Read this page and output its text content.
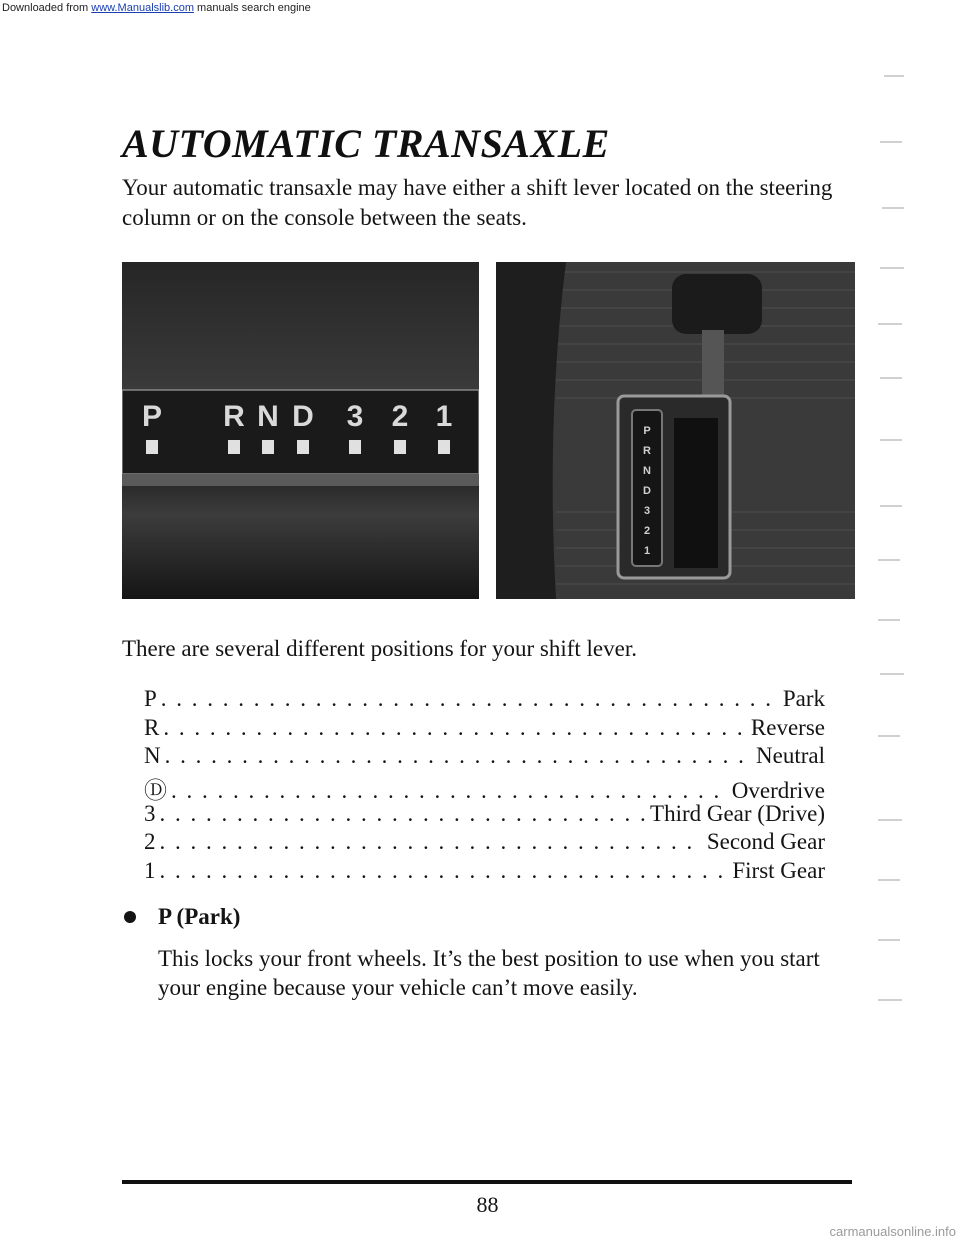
Downloaded from www.Manualslib.com manuals search engine
AUTOMATIC TRANSAXLE

Your automatic transaxle may have either a shift lever located on the steering column or on the console between the seats.

P R N D 3 2 1	P
R
N
D
3
2
1

There are several different positions for your shift lever.

P . . .	Park
R . . .	Reverse
N . . .	Neutral
Ⓓ . . .	Overdrive
3 . . .	Third Gear (Drive)
2 . . .	Second Gear
1 . . .	First Gear
P (Park)

This locks your front wheels. It’s the best position to use when you start your engine because your vehicle can’t move easily.

88
carmanualsonline.info
